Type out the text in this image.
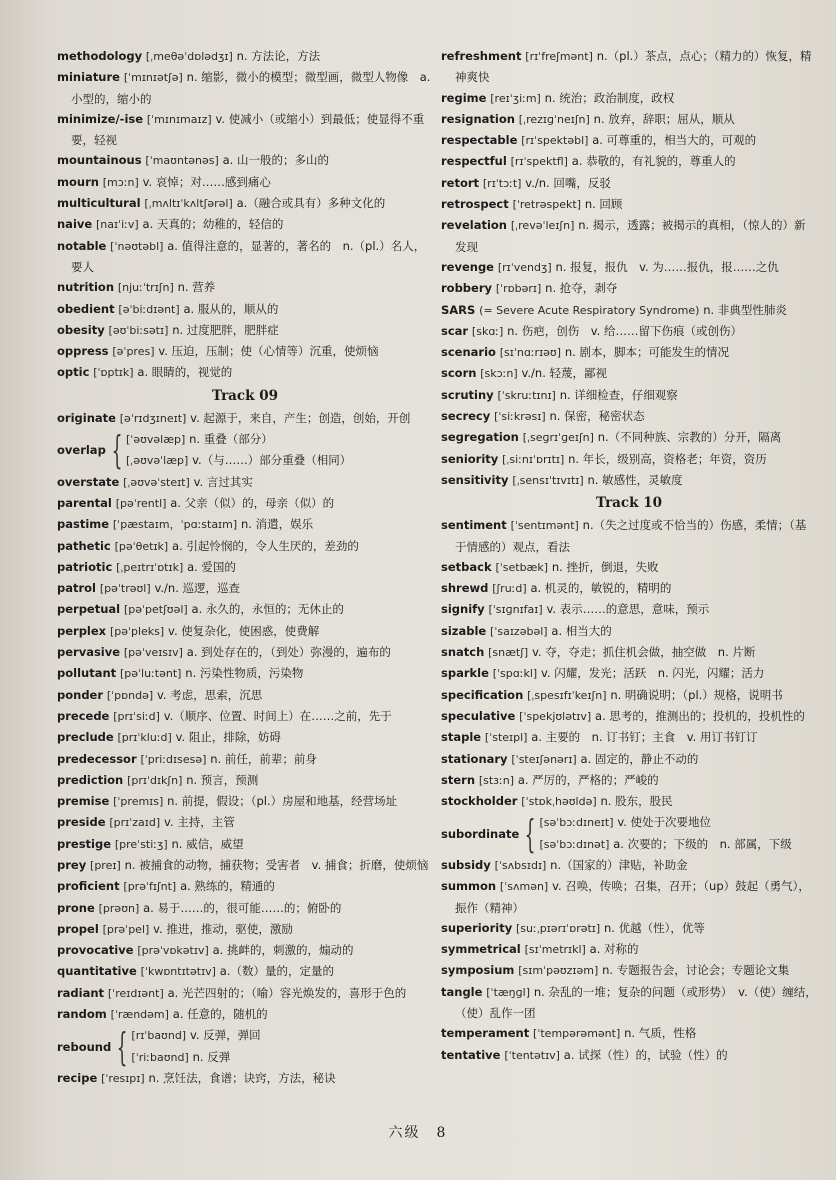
methodology [ˌmeθəˈdɒlədʒɪ] n. 方法论，方法
miniature [ˈmɪnɪətʃə] n. 缩影，微小的模型；微型画，微型人物像　a. 小型的，缩小的
minimize/-ise [ˈmɪnɪmaɪz] v. 使减小（或缩小）到最低；使显得不重要，轻视
mountainous [ˈmaʊntənəs] a. 山一般的；多山的
mourn [mɔːn] v. 哀悼；对……感到痛心
multicultural [ˌmʌltɪˈkʌltʃərəl] a.（融合或具有）多种文化的
naive [naɪˈiːv] a. 天真的；幼稚的，轻信的
notable [ˈnəʊtəbl] a. 值得注意的，显著的，著名的　n.（pl.）名人，要人
nutrition [njuːˈtrɪʃn] n. 营养
obedient [əˈbiːdɪənt] a. 服从的，顺从的
obesity [əʊˈbiːsətɪ] n. 过度肥胖，肥胖症
oppress [əˈpres] v. 压迫，压制；使（心情等）沉重，使烦恼
optic [ˈɒptɪk] a. 眼睛的，视觉的
Track 09
originate [əˈrɪdʒɪneɪt] v. 起源于，来自，产生；创造，创始，开创
overlap { [ˈəʊvəlæp] n. 重叠（部分）
[ˌəʊvəˈlæp] v.（与……）部分重叠（相同）
overstate [ˌəʊvəˈsteɪt] v. 言过其实
parental [pəˈrentl] a. 父亲（似）的，母亲（似）的
pastime [ˈpæstaɪm，ˈpɑːstaɪm] n. 消遣，娱乐
pathetic [pəˈθetɪk] a. 引起怜悯的，令人生厌的，差劲的
patriotic [ˌpeɪtrɪˈɒtɪk] a. 爱国的
patrol [pəˈtrəʊl] v./n. 巡逻，巡查
perpetual [pəˈpetʃʊəl] a. 永久的，永恒的；无休止的
perplex [pəˈpleks] v. 使复杂化，使困惑，使费解
pervasive [pəˈveɪsɪv] a. 到处存在的，（到处）弥漫的，遍布的
pollutant [pəˈluːtənt] n. 污染性物质，污染物
ponder [ˈpɒndə] v. 考虑，思索，沉思
precede [prɪˈsiːd] v.（顺序、位置、时间上）在……之前，先于
preclude [prɪˈkluːd] v. 阻止，排除，妨碍
predecessor [ˈpriːdɪsesə] n. 前任，前辈；前身
prediction [prɪˈdɪkʃn] n. 预言，预测
premise [ˈpremɪs] n. 前提，假设；（pl.）房屋和地基，经营场址
preside [prɪˈzaɪd] v. 主持，主管
prestige [preˈstiːʒ] n. 威信，威望
prey [preɪ] n. 被捕食的动物，捕获物；受害者　v. 捕食；折磨，使烦恼
proficient [prəˈfɪʃnt] a. 熟练的，精通的
prone [prəʊn] a. 易于……的，很可能……的；俯卧的
propel [prəˈpel] v. 推进，推动，驱使，激励
provocative [prəˈvɒkətɪv] a. 挑衅的，刺激的，煽动的
quantitative [ˈkwɒntɪtətɪv] a.（数）量的，定量的
radiant [ˈreɪdɪənt] a. 光芒四射的；（喻）容光焕发的，喜形于色的
random [ˈrændəm] a. 任意的，随机的
rebound { [rɪˈbaʊnd] v. 反弹，弹回
[ˈriːbaʊnd] n. 反弹
recipe [ˈresɪpɪ] n. 烹饪法，食谱；诀窍，方法，秘诀
refreshment [rɪˈfreʃmənt] n.（pl.）茶点，点心；（精力的）恢复，精神爽快
regime [reɪˈʒiːm] n. 统治；政治制度，政权
resignation [ˌrezɪɡˈneɪʃn] n. 放弃，辞职；屈从，顺从
respectable [rɪˈspektəbl] a. 可尊重的，相当大的，可观的
respectful [rɪˈspektfl] a. 恭敬的，有礼貌的，尊重人的
retort [rɪˈtɔːt] v./n. 回嘴，反驳
retrospect [ˈretrəspekt] n. 回顾
revelation [ˌrevəˈleɪʃn] n. 揭示，透露；被揭示的真相，（惊人的）新发现
revenge [rɪˈvendʒ] n. 报复，报仇　v. 为……报仇，报……之仇
robbery [ˈrɒbərɪ] n. 抢夺，剥夺
SARS (= Severe Acute Respiratory Syndrome) n. 非典型性肺炎
scar [skɑː] n. 伤疤，创伤　v. 给……留下伤痕（或创伤）
scenario [sɪˈnɑːrɪəʊ] n. 剧本，脚本；可能发生的情况
scorn [skɔːn] v./n. 轻蔑，鄙视
scrutiny [ˈskruːtɪnɪ] n. 详细检查，仔细观察
secrecy [ˈsiːkrəsɪ] n. 保密，秘密状态
segregation [ˌseɡrɪˈɡeɪʃn] n.（不同种族、宗教的）分开，隔离
seniority [ˌsiːnɪˈɒrɪtɪ] n. 年长，级别高，资格老；年资，资历
sensitivity [ˌsensɪˈtɪvɪtɪ] n. 敏感性，灵敏度
Track 10
sentiment [ˈsentɪmənt] n.（失之过度或不恰当的）伤感，柔情；（基于情感的）观点，看法
setback [ˈsetbæk] n. 挫折，倒退，失败
shrewd [ʃruːd] a. 机灵的，敏锐的，精明的
signify [ˈsɪɡnɪfaɪ] v. 表示……的意思，意味，预示
sizable [ˈsaɪzəbəl] a. 相当大的
snatch [snætʃ] v. 夺，夺走；抓住机会做，抽空做　n. 片断
sparkle [ˈspɑːkl] v. 闪耀，发光；活跃　n. 闪光，闪耀；活力
specification [ˌspesɪfɪˈkeɪʃn] n. 明确说明；（pl.）规格，说明书
speculative [ˈspekjʊlətɪv] a. 思考的，推测出的；投机的，投机性的
staple [ˈsteɪpl] a. 主要的　n. 订书钉；主食　v. 用订书钉订
stationary [ˈsteɪʃənərɪ] a. 固定的，静止不动的
stern [stɜːn] a. 严厉的，严格的；严峻的
stockholder [ˈstɒkˌhəʊldə] n. 股东，股民
subordinate { [səˈbɔːdɪneɪt] v. 使处于次要地位
[səˈbɔːdɪnət] a. 次要的；下级的　n. 部属，下级
subsidy [ˈsʌbsɪdɪ] n.（国家的）津贴，补助金
summon [ˈsʌmən] v. 召唤，传唤；召集，召开；（up）鼓起（勇气），振作（精神）
superiority [suːˌpɪərɪˈɒrətɪ] n. 优越（性），优等
symmetrical [sɪˈmetrɪkl] a. 对称的
symposium [sɪmˈpəʊzɪəm] n. 专题报告会，讨论会；专题论文集
tangle [ˈtæŋɡl] n. 杂乱的一堆；复杂的问题（或形势）　v.（使）缠结，（使）乱作一团
temperament [ˈtempərəmənt] n. 气质，性格
tentative [ˈtentətɪv] a. 试探（性）的，试验（性）的
六级　8
